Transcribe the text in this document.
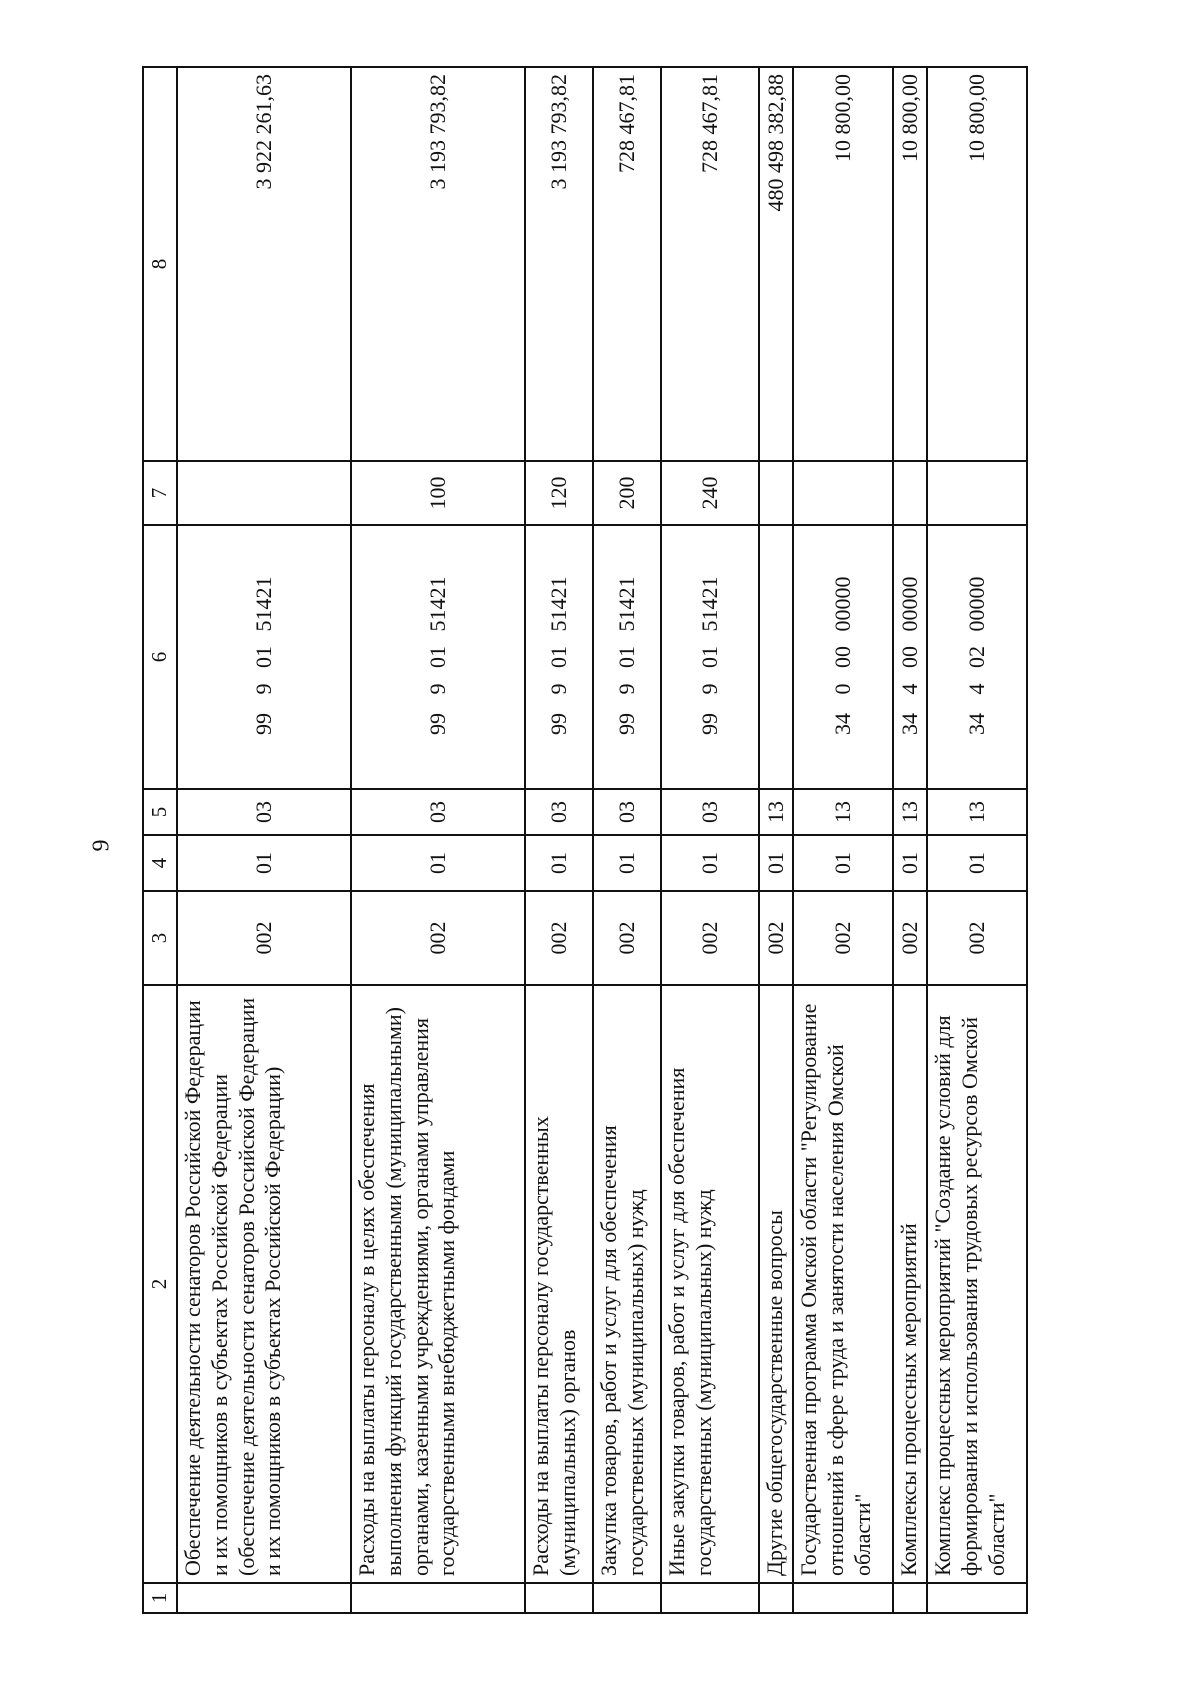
9
1	2	3	4	5	6	7	8
	Обеспечение деятельности сенаторов Российской Федерации и их помощников в субъектах Российской Федерации (обеспечение деятельности сенаторов Российской Федерации и их помощников в субъектах Российской Федерации)	002	01	03	9990151421		3 922 261,63
	Расходы на выплаты персоналу в целях обеспечения выполнения функций государственными (муниципальными) органами, казенными учреждениями, органами управления государственными внебюджетными фондами	002	01	03	9990151421	100	3 193 793,82
	Расходы на выплаты персоналу государственных (муниципальных) органов	002	01	03	9990151421	120	3 193 793,82
	Закупка товаров, работ и услуг для обеспечения государственных (муниципальных) нужд	002	01	03	9990151421	200	728 467,81
	Иные закупки товаров, работ и услуг для обеспечения государственных (муниципальных) нужд	002	01	03	9990151421	240	728 467,81
	Другие общегосударственные вопросы	002	01	13			480 498 382,88
	Государственная программа Омской области "Регулирование отношений в сфере труда и занятости населения Омской области"	002	01	13	3400000000		10 800,00
	Комплексы процессных мероприятий	002	01	13	3440000000		10 800,00
	Комплекс процессных мероприятий "Создание условий для формирования и использования трудовых ресурсов Омской области"	002	01	13	3440200000		10 800,00
